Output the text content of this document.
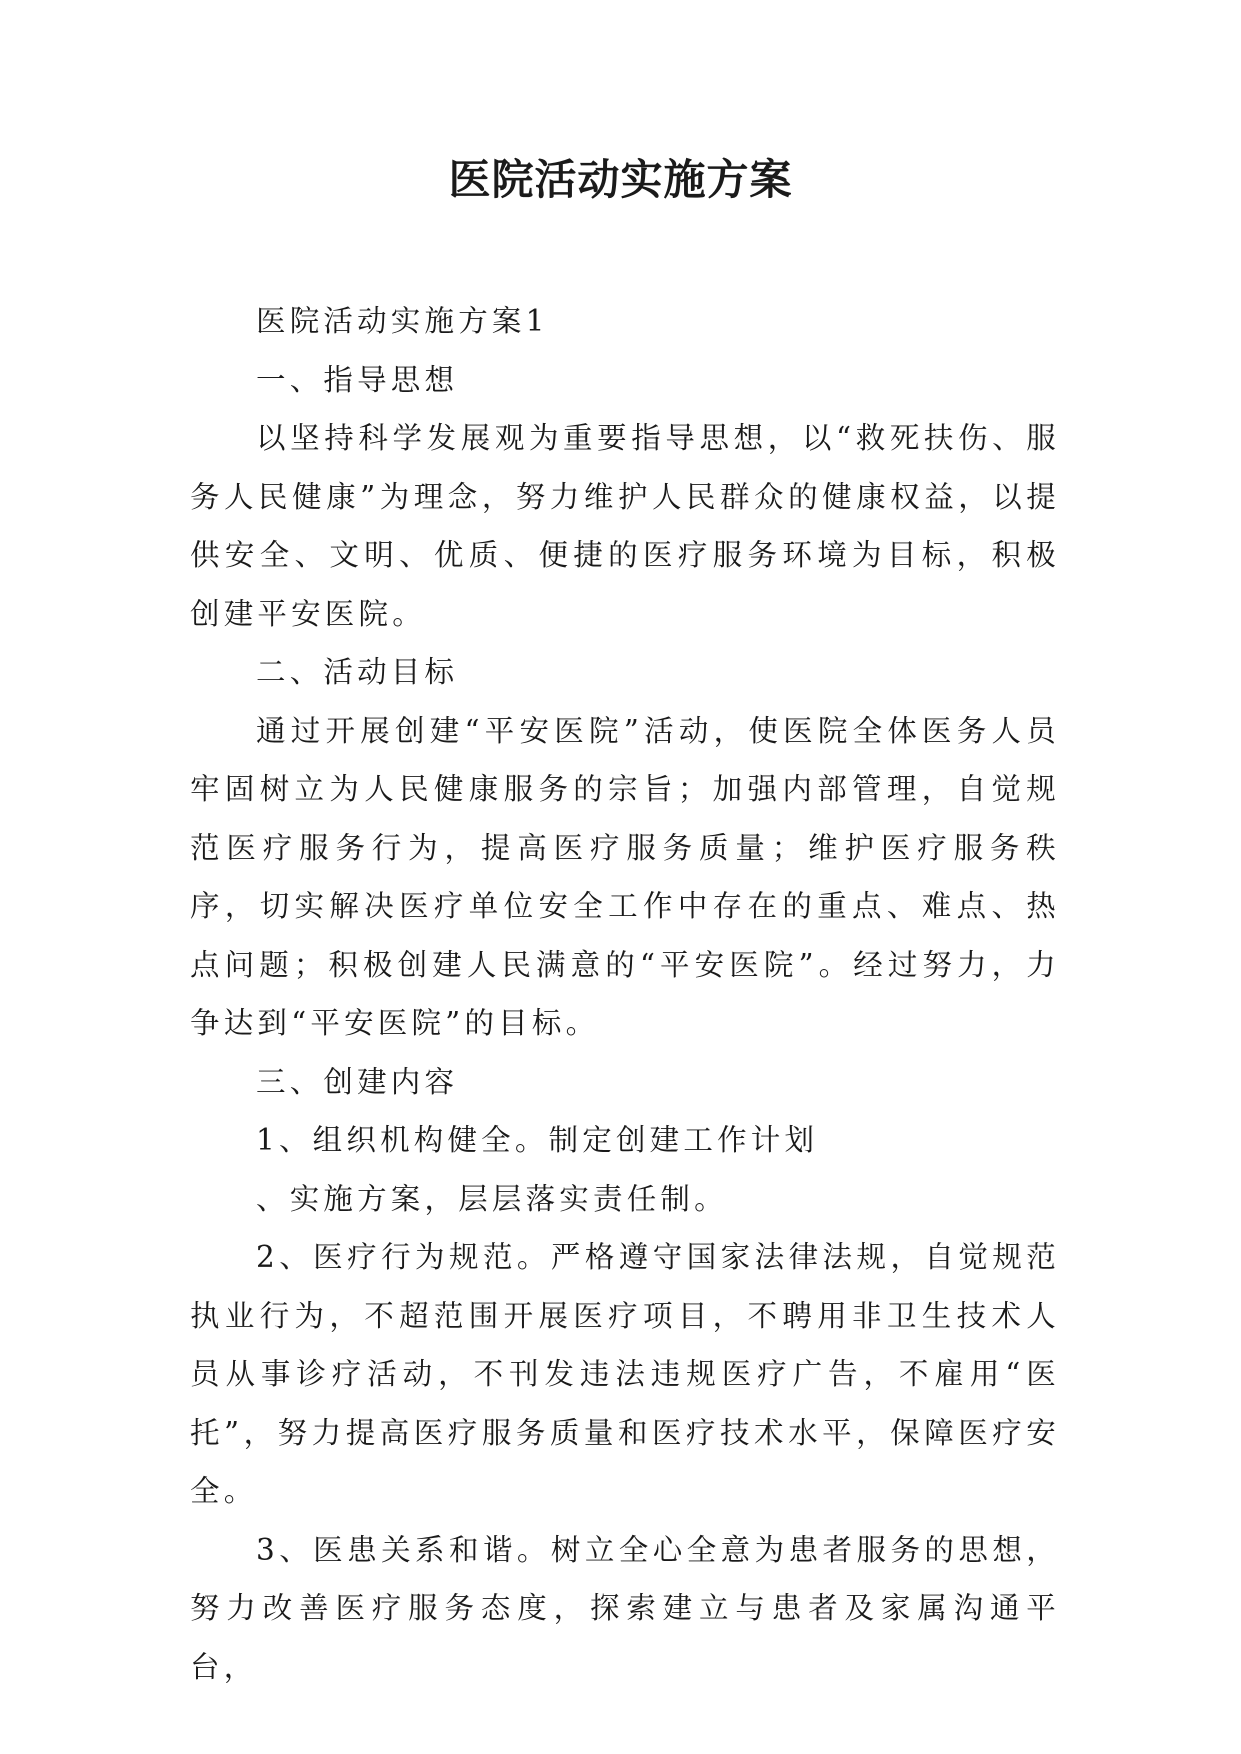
医院活动实施方案

医院活动实施方案1

一、指导思想

以坚持科学发展观为重要指导思想，以“救死扶伤、服务人民健康”为理念，努力维护人民群众的健康权益，以提供安全、文明、优质、便捷的医疗服务环境为目标，积极创建平安医院。

二、活动目标

通过开展创建“平安医院”活动，使医院全体医务人员牢固树立为人民健康服务的宗旨；加强内部管理，自觉规范医疗服务行为，提高医疗服务质量；维护医疗服务秩序，切实解决医疗单位安全工作中存在的重点、难点、热点问题；积极创建人民满意的“平安医院”。经过努力，力争达到“平安医院”的目标。

三、创建内容

1、组织机构健全。制定创建工作计划

、实施方案，层层落实责任制。

2、医疗行为规范。严格遵守国家法律法规，自觉规范执业行为，不超范围开展医疗项目，不聘用非卫生技术人员从事诊疗活动，不刊发违法违规医疗广告，不雇用“医托”，努力提高医疗服务质量和医疗技术水平，保障医疗安全。

3、医患关系和谐。树立全心全意为患者服务的思想，努力改善医疗服务态度，探索建立与患者及家属沟通平台，
